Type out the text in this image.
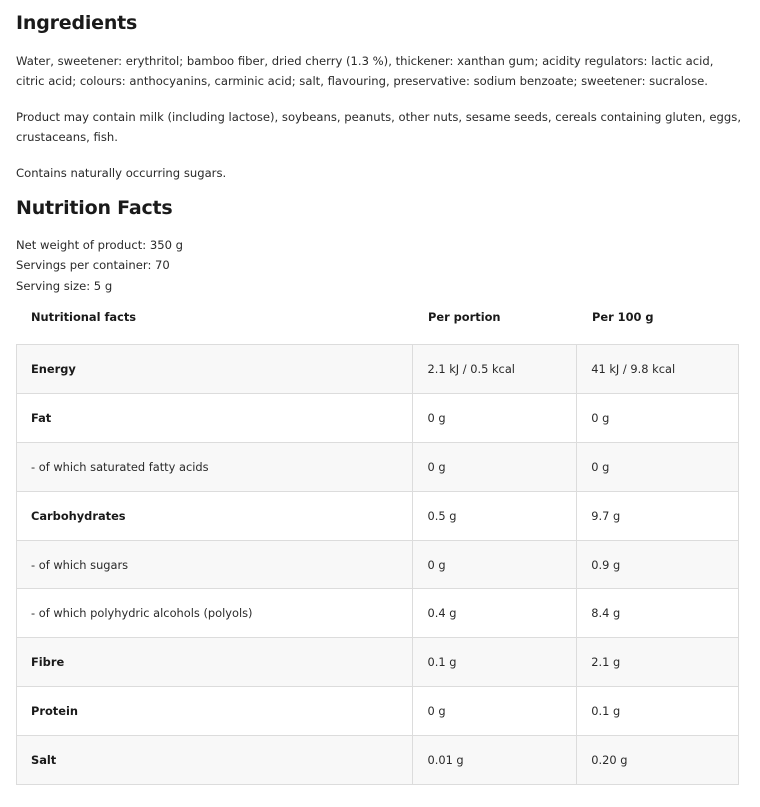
Ingredients

Water, sweetener: erythritol; bamboo fiber, dried cherry (1.3 %), thickener: xanthan gum; acidity regulators: lactic acid, citric acid; colours: anthocyanins, carminic acid; salt, flavouring, preservative: sodium benzoate; sweetener: sucralose.

Product may contain milk (including lactose), soybeans, peanuts, other nuts, sesame seeds, cereals containing gluten, eggs, crustaceans, fish.

Contains naturally occurring sugars.

Nutrition Facts
Net weight of product: 350 g
Servings per container: 70
Serving size: 5 g
Nutritional facts	Per portion	Per 100 g
Energy	2.1 kJ / 0.5 kcal	41 kJ / 9.8 kcal
Fat	0 g	0 g
- of which saturated fatty acids	0 g	0 g
Carbohydrates	0.5 g	9.7 g
- of which sugars	0 g	0.9 g
- of which polyhydric alcohols (polyols)	0.4 g	8.4 g
Fibre	0.1 g	2.1 g
Protein	0 g	0.1 g
Salt	0.01 g	0.20 g
